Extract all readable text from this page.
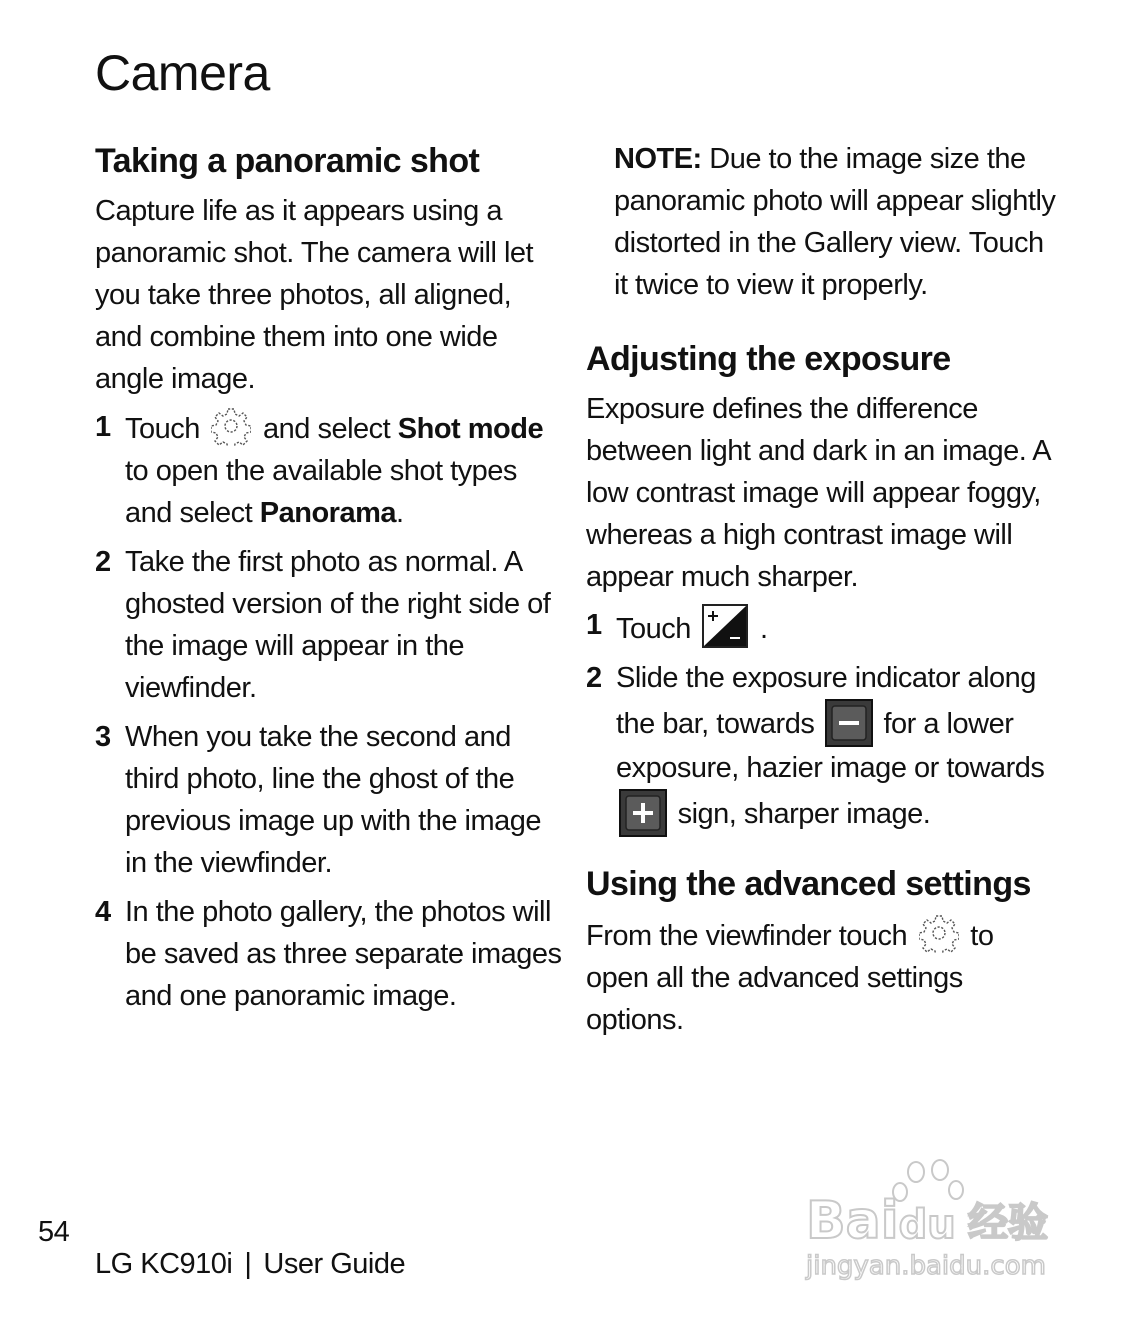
Camera
Taking a panoramic shot

Capture life as it appears using a panoramic shot. The camera will let you take three photos, all aligned, and combine them into one wide angle image.

1 Touch and select Shot mode to open the available shot types and select Panorama.
2 Take the first photo as normal. A ghosted version of the right side of the image will appear in the viewfinder.
3 When you take the second and third photo, line the ghost of the previous image up with the image in the viewfinder.
4 In the photo gallery, the photos will be saved as three separate images and one panoramic image.

NOTE: Due to the image size the panoramic photo will appear slightly distorted in the Gallery view. Touch it twice to view it properly.

Adjusting the exposure

Exposure defines the difference between light and dark in an image. A low contrast image will appear foggy, whereas a high contrast image will appear much sharper.

1 Touch .
2 Slide the exposure indicator along the bar, towards for a lower exposure, hazier image or towards  sign, sharper image.
Using the advanced settings

From the viewfinder touch to open all the advanced settings options.

54
LG KC910i | User Guide
Baidu 经验
jingyan.baidu.com
